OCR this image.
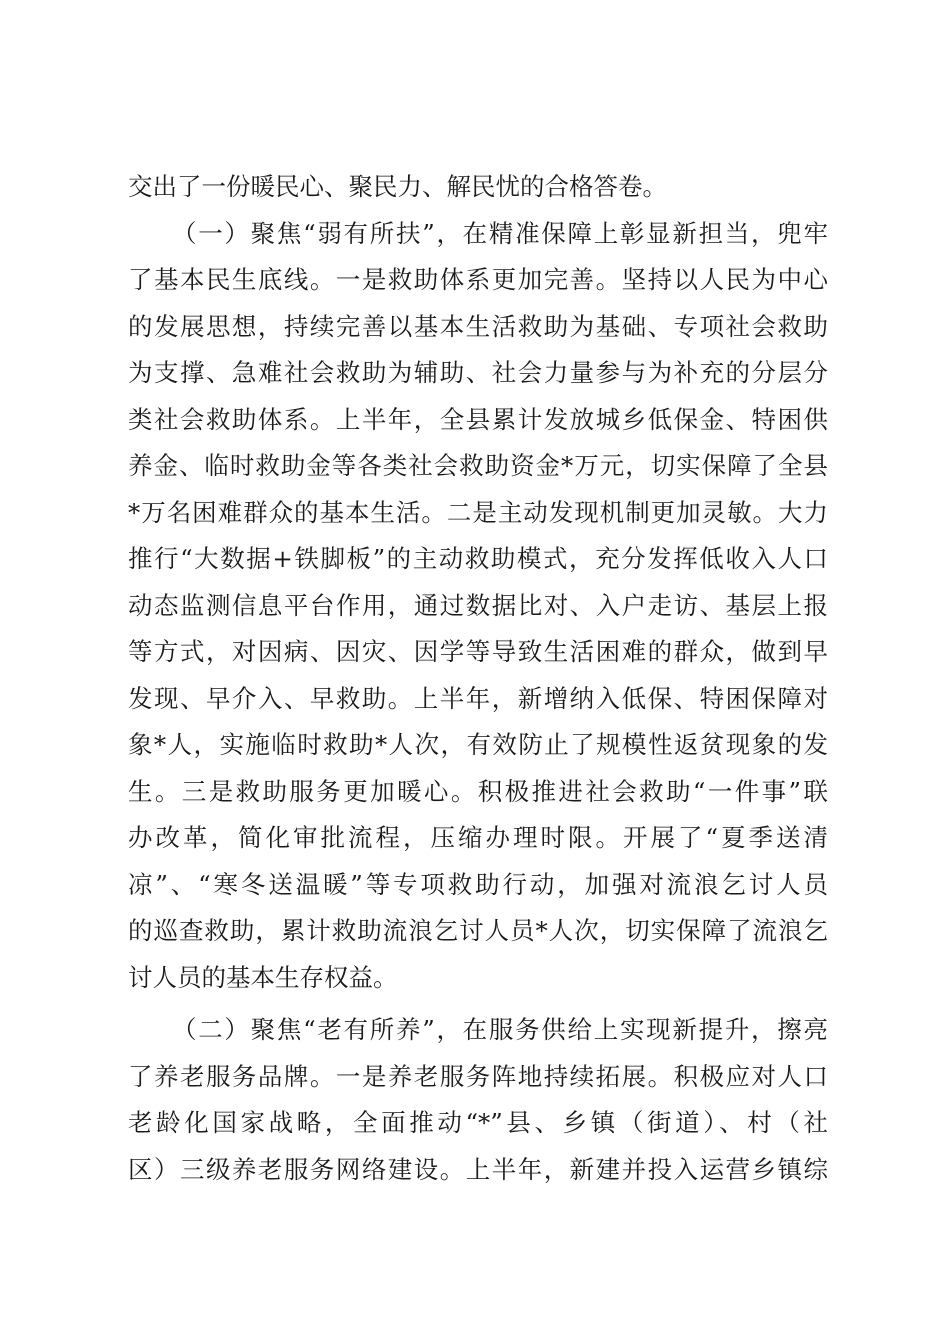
交出了一份暖民心、聚民力、解民忧的合格答卷。
（一）聚焦“弱有所扶”，在精准保障上彰显新担当，兜牢
了基本民生底线。一是救助体系更加完善。坚持以人民为中心
的发展思想，持续完善以基本生活救助为基础、专项社会救助
为支撑、急难社会救助为辅助、社会力量参与为补充的分层分
类社会救助体系。上半年，全县累计发放城乡低保金、特困供
养金、临时救助金等各类社会救助资金*万元，切实保障了全县
*万名困难群众的基本生活。二是主动发现机制更加灵敏。大力
推行“大数据+铁脚板”的主动救助模式，充分发挥低收入人口
动态监测信息平台作用，通过数据比对、入户走访、基层上报
等方式，对因病、因灾、因学等导致生活困难的群众，做到早
发现、早介入、早救助。上半年，新增纳入低保、特困保障对
象*人，实施临时救助*人次，有效防止了规模性返贫现象的发
生。三是救助服务更加暖心。积极推进社会救助“一件事”联
办改革，简化审批流程，压缩办理时限。开展了“夏季送清
凉”、“寒冬送温暖”等专项救助行动，加强对流浪乞讨人员
的巡查救助，累计救助流浪乞讨人员*人次，切实保障了流浪乞
讨人员的基本生存权益。
（二）聚焦“老有所养”，在服务供给上实现新提升，擦亮
了养老服务品牌。一是养老服务阵地持续拓展。积极应对人口
老龄化国家战略，全面推动“*”县、乡镇（街道）、村（社
区）三级养老服务网络建设。上半年，新建并投入运营乡镇综
